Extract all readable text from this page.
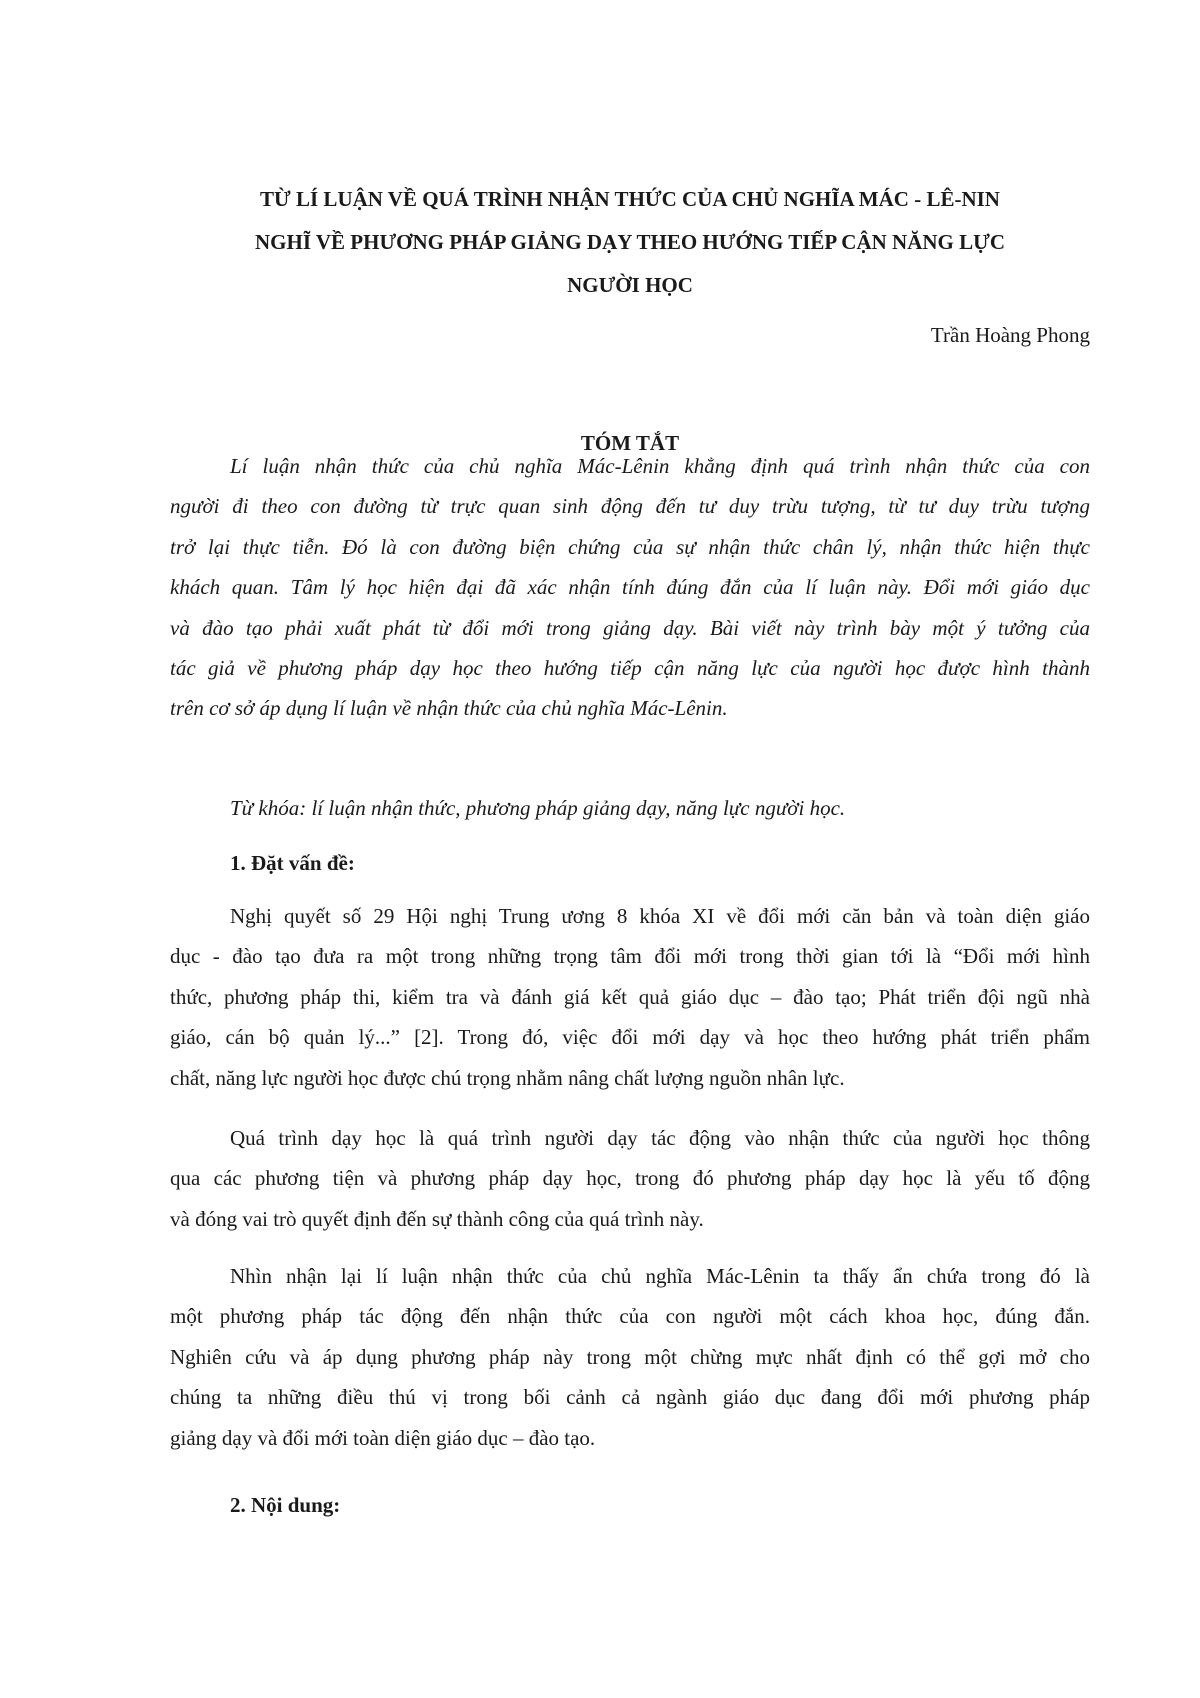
TỪ LÍ LUẬN VỀ QUÁ TRÌNH NHẬN THỨC CỦA CHỦ NGHĨA MÁC - LÊ-NIN
NGHĨ VỀ PHƯƠNG PHÁP GIẢNG DẠY THEO HƯỚNG TIẾP CẬN NĂNG LỰC
NGƯỜI HỌC

Trần Hoàng Phong

TÓM TẮT
Lí luận nhận thức của chủ nghĩa Mác-Lênin khẳng định quá trình nhận thức của con
người đi theo con đường từ trực quan sinh động đến tư duy trừu tượng, từ tư duy trừu tượng
trở lại thực tiễn. Đó là con đường biện chứng của sự nhận thức chân lý, nhận thức hiện thực
khách quan. Tâm lý học hiện đại đã xác nhận tính đúng đắn của lí luận này. Đổi mới giáo dục
và đào tạo phải xuất phát từ đổi mới trong giảng dạy. Bài viết này trình bày một ý tưởng của
tác giả về phương pháp dạy học theo hướng tiếp cận năng lực của người học được hình thành
trên cơ sở áp dụng lí luận về nhận thức của chủ nghĩa Mác-Lênin.

Từ khóa: lí luận nhận thức, phương pháp giảng dạy, năng lực người học.

1. Đặt vấn đề:
Nghị quyết số 29 Hội nghị Trung ương 8 khóa XI về đổi mới căn bản và toàn diện giáo
dục - đào tạo đưa ra một trong những trọng tâm đổi mới trong thời gian tới là “Đổi mới hình
thức, phương pháp thi, kiểm tra và đánh giá kết quả giáo dục – đào tạo; Phát triển đội ngũ nhà
giáo, cán bộ quản lý...” [2]. Trong đó, việc đổi mới dạy và học theo hướng phát triển phẩm
chất, năng lực người học được chú trọng nhằm nâng chất lượng nguồn nhân lực.
Quá trình dạy học là quá trình người dạy tác động vào nhận thức của người học thông
qua các phương tiện và phương pháp dạy học, trong đó phương pháp dạy học là yếu tố động
và đóng vai trò quyết định đến sự thành công của quá trình này.
Nhìn nhận lại lí luận nhận thức của chủ nghĩa Mác-Lênin ta thấy ẩn chứa trong đó là
một phương pháp tác động đến nhận thức của con người một cách khoa học, đúng đắn.
Nghiên cứu và áp dụng phương pháp này trong một chừng mực nhất định có thể gợi mở cho
chúng ta những điều thú vị trong bối cảnh cả ngành giáo dục đang đổi mới phương pháp
giảng dạy và đổi mới toàn diện giáo dục – đào tạo.
2. Nội dung:
